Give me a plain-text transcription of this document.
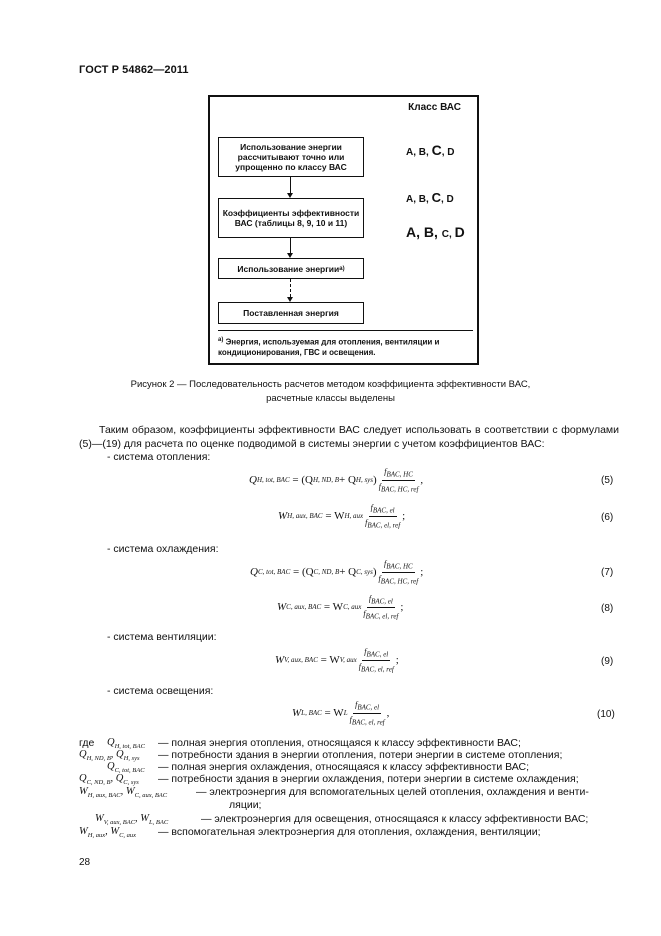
ГОСТ Р 54862—2011
Класс ВАС
Использование энергии рассчитывают точно или упрощенно по классу ВАС
Коэффициенты эффективности ВАС (таблицы 8, 9, 10 и 11)
Использование энергии а)
Поставленная энергия
A, B, C, D
A, B, C, D
A, B, C, D
$^{а)}$ Энергия, используемая для отопления, вентиляции и кондиционирования, ГВС и освещения.
Рисунок 2 — Последовательность расчетов методом коэффициента эффективности ВАС,
расчетные классы выделены
Таким образом, коэффициенты эффективности ВАС следует использовать в соответствии с формулами (5)—(19) для расчета по оценке подводимой в системы энергии с учетом коэффициентов ВАС:
- система отопления:
- система охлаждения:
- система вентиляции:
- система освещения:
Q H, tot, BAC
= (Q H, ND, B + Q H, sys ) $\frac{f_{BAC, HC}}{f_{BAC, HC, ref}}$ ,	(5)
W H, aux, BAC
= W H, aux $\frac{f_{BAC, el}}{f_{BAC, el, ref}}$ ;	(6)
Q C, tot, BAC
= (Q C, ND, B + Q C, sys ) $\frac{f_{BAC, HC}}{f_{BAC, HC, ref}}$ ;	(7)
W C, aux, BAC
= W C, aux $\frac{f_{BAC, el}}{f_{BAC, el, ref}}$ ;	(8)
W V, aux, BAC
= W V, aux $\frac{f_{BAC, el}}{f_{BAC, el, ref}}$ ;	(9)
W L, BAC
= W L $\frac{f_{BAC, el}}{f_{BAC, el, ref}}$ ,	(10)
где $Q_{H, tot, BAC}$ — полная энергия отопления, относящаяся к классу эффективности ВАС;
$Q_{H, ND, B}$, $Q_{H, sys}$ — потребности здания в энергии отопления, потери энергии в системе отопления;
$Q_{C, tot, BAC}$ — полная энергия охлаждения, относящаяся к классу эффективности ВАС;
$Q_{C, ND, B}$, $Q_{C, sys}$ — потребности здания в энергии охлаждения, потери энергии в системе охлаждения;
$W_{H, aux, BAC}$, $W_{C, aux, BAC}$	— электроэнергия для вспомогательных целей отопления, охлаждения и венти-
ляции;
$W_{V, aux, BAC}$, $W_{L, BAC}$	— электроэнергия для освещения, относящаяся к классу эффективности ВАС;
$W_{H, aux}$, $W_{C, aux}$ — вспомогательная электроэнергия для отопления, охлаждения, вентиляции;
28
